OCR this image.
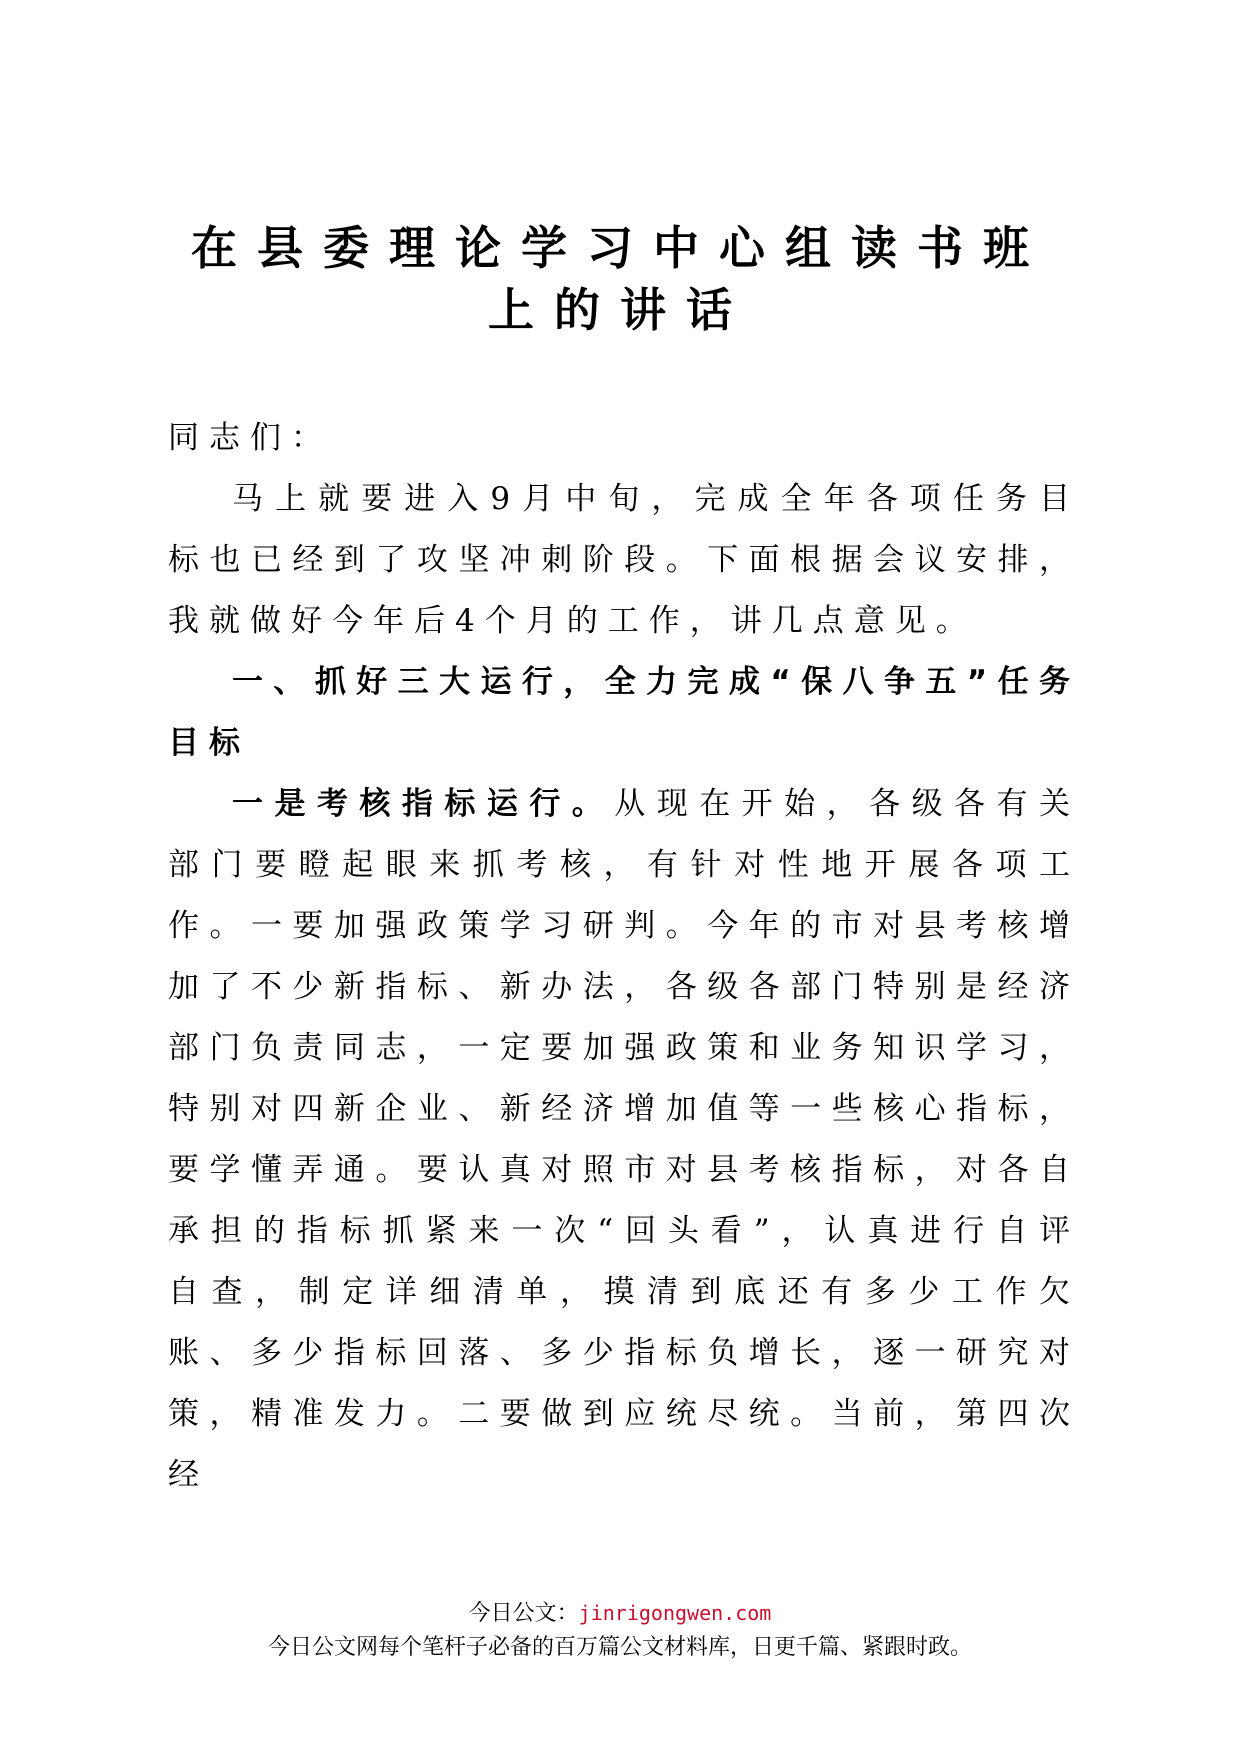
在县委理论学习中心组读书班
上的讲话

同志们：

马上就要进入9月中旬，完成全年各项任务目标也已经到了攻坚冲刺阶段。下面根据会议安排，我就做好今年后4个月的工作，讲几点意见。

一、抓好三大运行，全力完成“保八争五”任务目标

一是考核指标运行。从现在开始，各级各有关部门要瞪起眼来抓考核，有针对性地开展各项工作。一要加强政策学习研判。今年的市对县考核增加了不少新指标、新办法，各级各部门特别是经济部门负责同志，一定要加强政策和业务知识学习，特别对四新企业、新经济增加值等一些核心指标，要学懂弄通。要认真对照市对县考核指标，对各自承担的指标抓紧来一次“回头看”，认真进行自评自查，制定详细清单，摸清到底还有多少工作欠账、多少指标回落、多少指标负增长，逐一研究对策，精准发力。二要做到应统尽统。当前，第四次经

今日公文：jinrigongwen.com
今日公文网每个笔杆子必备的百万篇公文材料库，日更千篇、紧跟时政。
